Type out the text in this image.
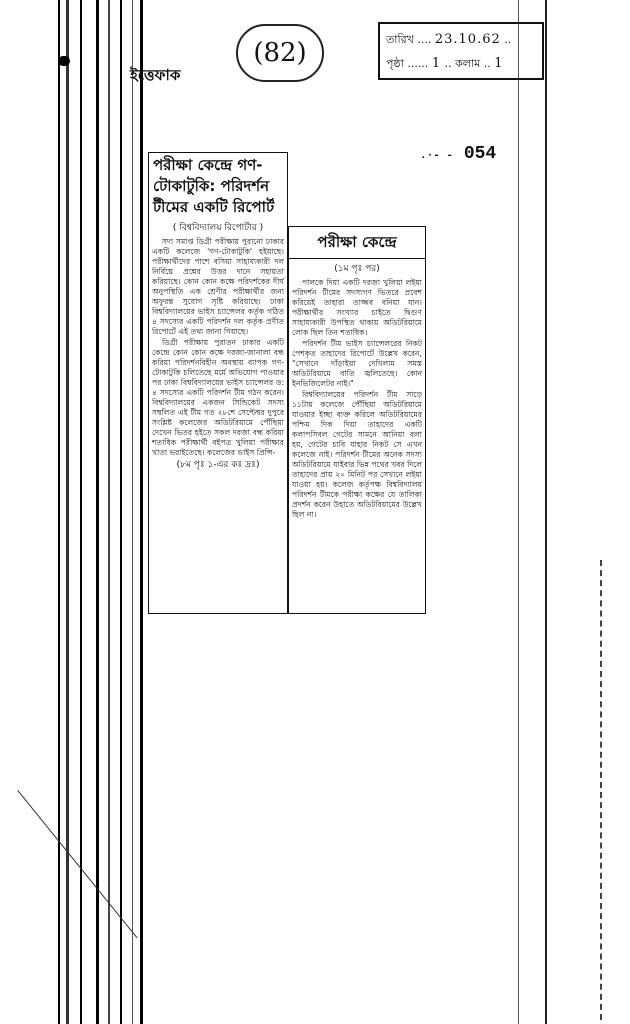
ইত্তেফাক
(82)	তারিখ .... 23.10.62 ..
পৃষ্ঠা ...... 1 .. কলাম .. 1
.·- - 054
পরীক্ষা কেন্দ্রে গণ-টোকাটুকি: পরিদর্শন টীমের একটি রিপোর্ট
( বিশ্ববিদ্যালয় রিপোর্টার )

সদ্য সমাপ্ত ডিগ্রী পরীক্ষায় পুরানো ঢাকার একটি কলেজে 'গণ-টোকাটুকি' হইয়াছে। পরীক্ষার্থীদের পাশে বসিয়া সাহায্যকারী দল নির্বিঘ্নে প্রশ্নের উত্তর দানে সহায়তা করিয়াছে। কোন কোন কক্ষে পরিদর্শকের দীর্ঘ অনুপস্থিতি এক শ্রেণীর পরীক্ষার্থীর জন্য অফুরন্ত সুযোগ সৃষ্টি করিয়াছে। ঢাকা বিশ্ববিদ্যালয়ের ভাইস চ্যান্সেলর কর্তৃক গঠিত ৪ সদস্যের একটি পরিদর্শন দল কর্তৃক প্রণীত রিপোর্টে এই তথ্য জানা গিয়াছে।

ডিগ্রী পরীক্ষায় পুরাতন ঢাকার একটি কেন্দ্রে কোন কোন কক্ষে দরজা-জানালা বন্ধ করিয়া পরিদর্শনবিহীন অবস্থায় ব্যাপক গণ-টোকাটুকি চলিতেছে মর্মে অভিযোগ পাওয়ার পর ঢাকা বিশ্ববিদ্যালয়ের ভাইস চ্যান্সেলর ড: ৪ সদস্যের একটি পরিদর্শন টীম গঠন করেন। বিশ্ববিদ্যালয়ের একজন সিন্ডিকেট সদস্য সম্বলিত এই টীম গত ২৮শে সেপ্টেম্বর দুপুরে সংশ্লিষ্ট কলেজের অডিটরিয়ামে পৌঁছিয়া দেখেন ভিতর হইতে সকল দরজা বন্ধ করিয়া শতাধিক পরীক্ষার্থী বইপত্র খুলিয়া পরীক্ষার খাতা ভরাইতেছে। কলেজের ভাইস প্রিন্সি-

(৮ম পৃঃ ১-এর কঃ দ্রঃ)
পরীক্ষা কেন্দ্রে
(১ম পৃঃ পর)

পালকে দিয়া একটি দরজা খুলিয়া লইয়া পরিদর্শন টীমের সদস্যগণ ভিতরে প্রবেশ করিয়েই তাহারা তাজ্জব বনিয়া যান। পরীক্ষার্থীর সংখ্যার চাইতে দ্বিগুণ সাহায্যকারী উপস্থিত থাকায় অডিটরিয়ামে লোক ছিল তিন শতাধিক।

পরিদর্শন টীম ভাইস চ্যান্সেলরের নিকট পেশকৃত তাহাদের রিপোর্টে উল্লেখ করেন, "সেখানে দাঁড়াইয়া দেখিলাম সমস্ত অডিটরিয়ামে বাতি জ্বলিতেছে। কোন ইনভিজিলেটর নাই।"

বিশ্ববিদ্যালয়ের পরিদর্শন টীম সাড়ে ১১টায় কলেজে পৌঁছিয়া অডিটরিয়ামে যাওয়ার ইচ্ছা ব্যক্ত করিলে অডিটরিয়ামের পশ্চিম দিক দিয়া তাহাদের একটি কলাপসিবল গেটের সামনে আনিয়া বলা হয়, গেটের চাবি যাহার নিকট সে এখন কলেজে নাই। পরিদর্শন টীমের অনেক সদস্য অডিটরিয়ামে যাইবার ভিন্ন পথের খবর দিলে তাহাদের প্রায় ২০ মিনিট পর সেখানে লইয়া যাওয়া হয়। কলেজ কর্তৃপক্ষ বিশ্ববিদ্যালয় পরিদর্শন টীমকে পরীক্ষা কক্ষের যে তালিকা প্রদর্শন করেন উহাতে অডিটরিয়ামের উল্লেখ ছিল না।
